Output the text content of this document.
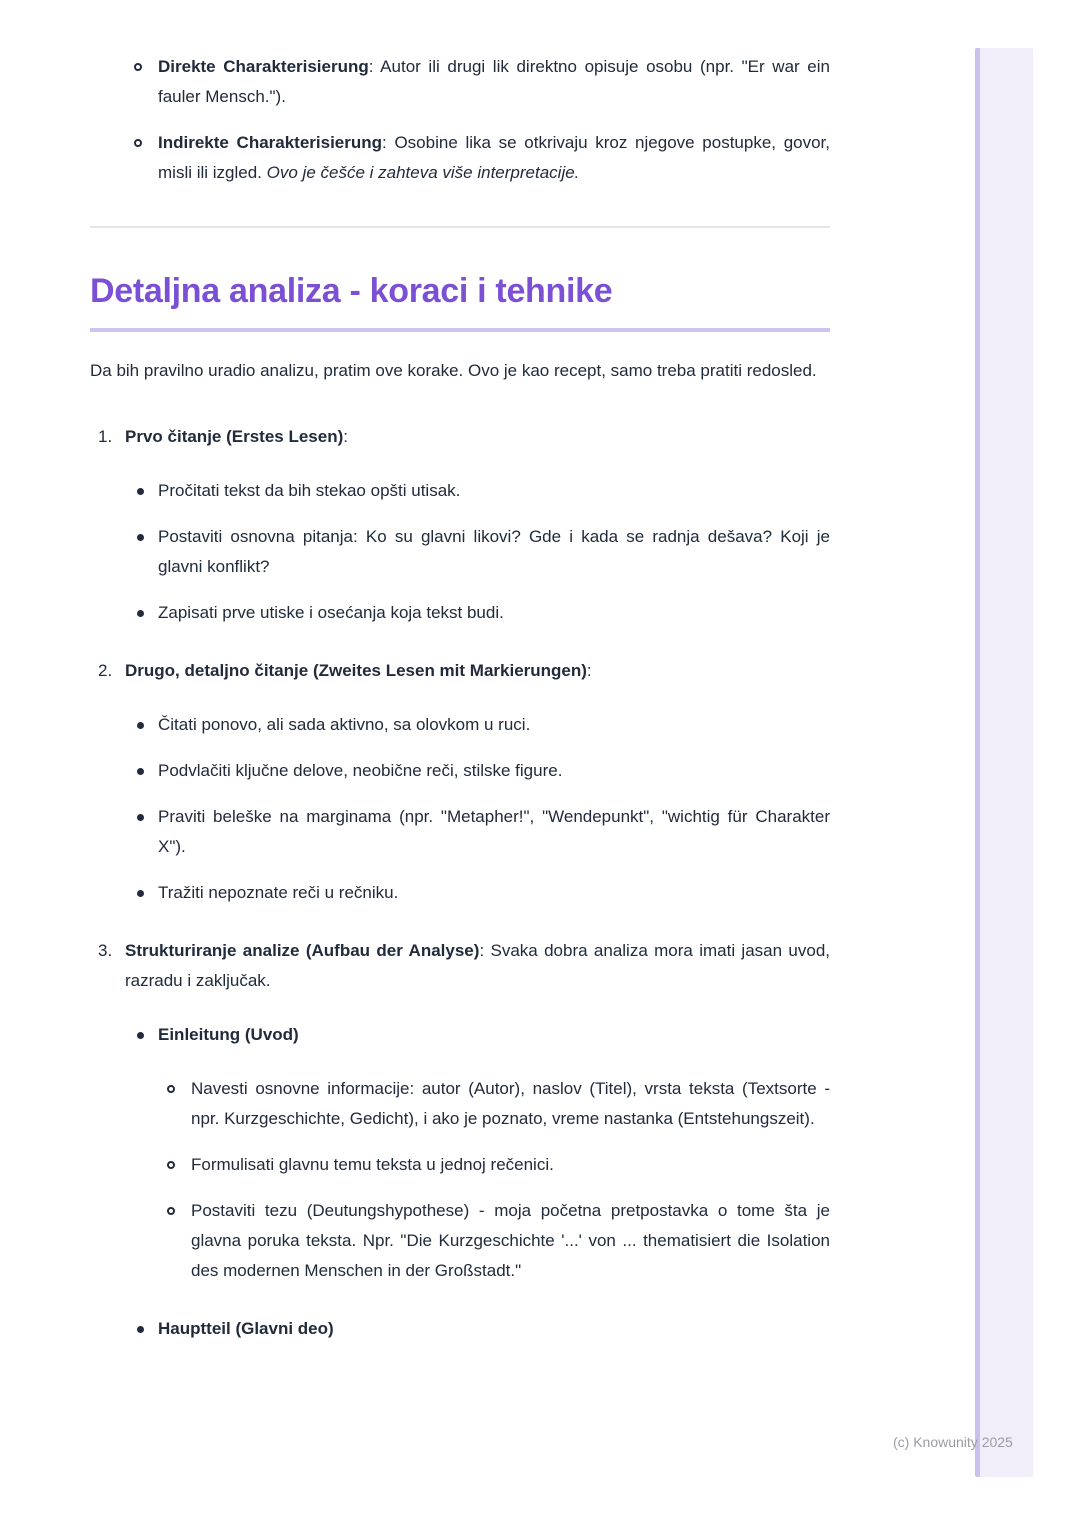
(c) Knowunity 2025
Direkte Charakterisierung: Autor ili drugi lik direktno opisuje osobu (npr. "Er war ein fauler Mensch.").
Indirekte Charakterisierung: Osobine lika se otkrivaju kroz njegove postupke, govor, misli ili izgled. Ovo je češće i zahteva više interpretacije.
Detaljna analiza - koraci i tehnike

Da bih pravilno uradio analizu, pratim ove korake. Ovo je kao recept, samo treba pratiti redosled.

1. Prvo čitanje (Erstes Lesen):
Pročitati tekst da bih stekao opšti utisak.
Postaviti osnovna pitanja: Ko su glavni likovi? Gde i kada se radnja dešava? Koji je glavni konflikt?
Zapisati prve utiske i osećanja koja tekst budi.
2. Drugo, detaljno čitanje (Zweites Lesen mit Markierungen):
Čitati ponovo, ali sada aktivno, sa olovkom u ruci.
Podvlačiti ključne delove, neobične reči, stilske figure.
Praviti beleške na marginama (npr. "Metapher!", "Wendepunkt", "wichtig für Charakter X").
Tražiti nepoznate reči u rečniku.
3. Strukturiranje analize (Aufbau der Analyse): Svaka dobra analiza mora imati jasan uvod, razradu i zaključak.
Einleitung (Uvod)
Navesti osnovne informacije: autor (Autor), naslov (Titel), vrsta teksta (Textsorte - npr. Kurzgeschichte, Gedicht), i ako je poznato, vreme nastanka (Entstehungszeit).
Formulisati glavnu temu teksta u jednoj rečenici.
Postaviti tezu (Deutungshypothese) - moja početna pretpostavka o tome šta je glavna poruka teksta. Npr. "Die Kurzgeschichte '...' von ... thematisiert die Isolation des modernen Menschen in der Großstadt."
Hauptteil (Glavni deo)
